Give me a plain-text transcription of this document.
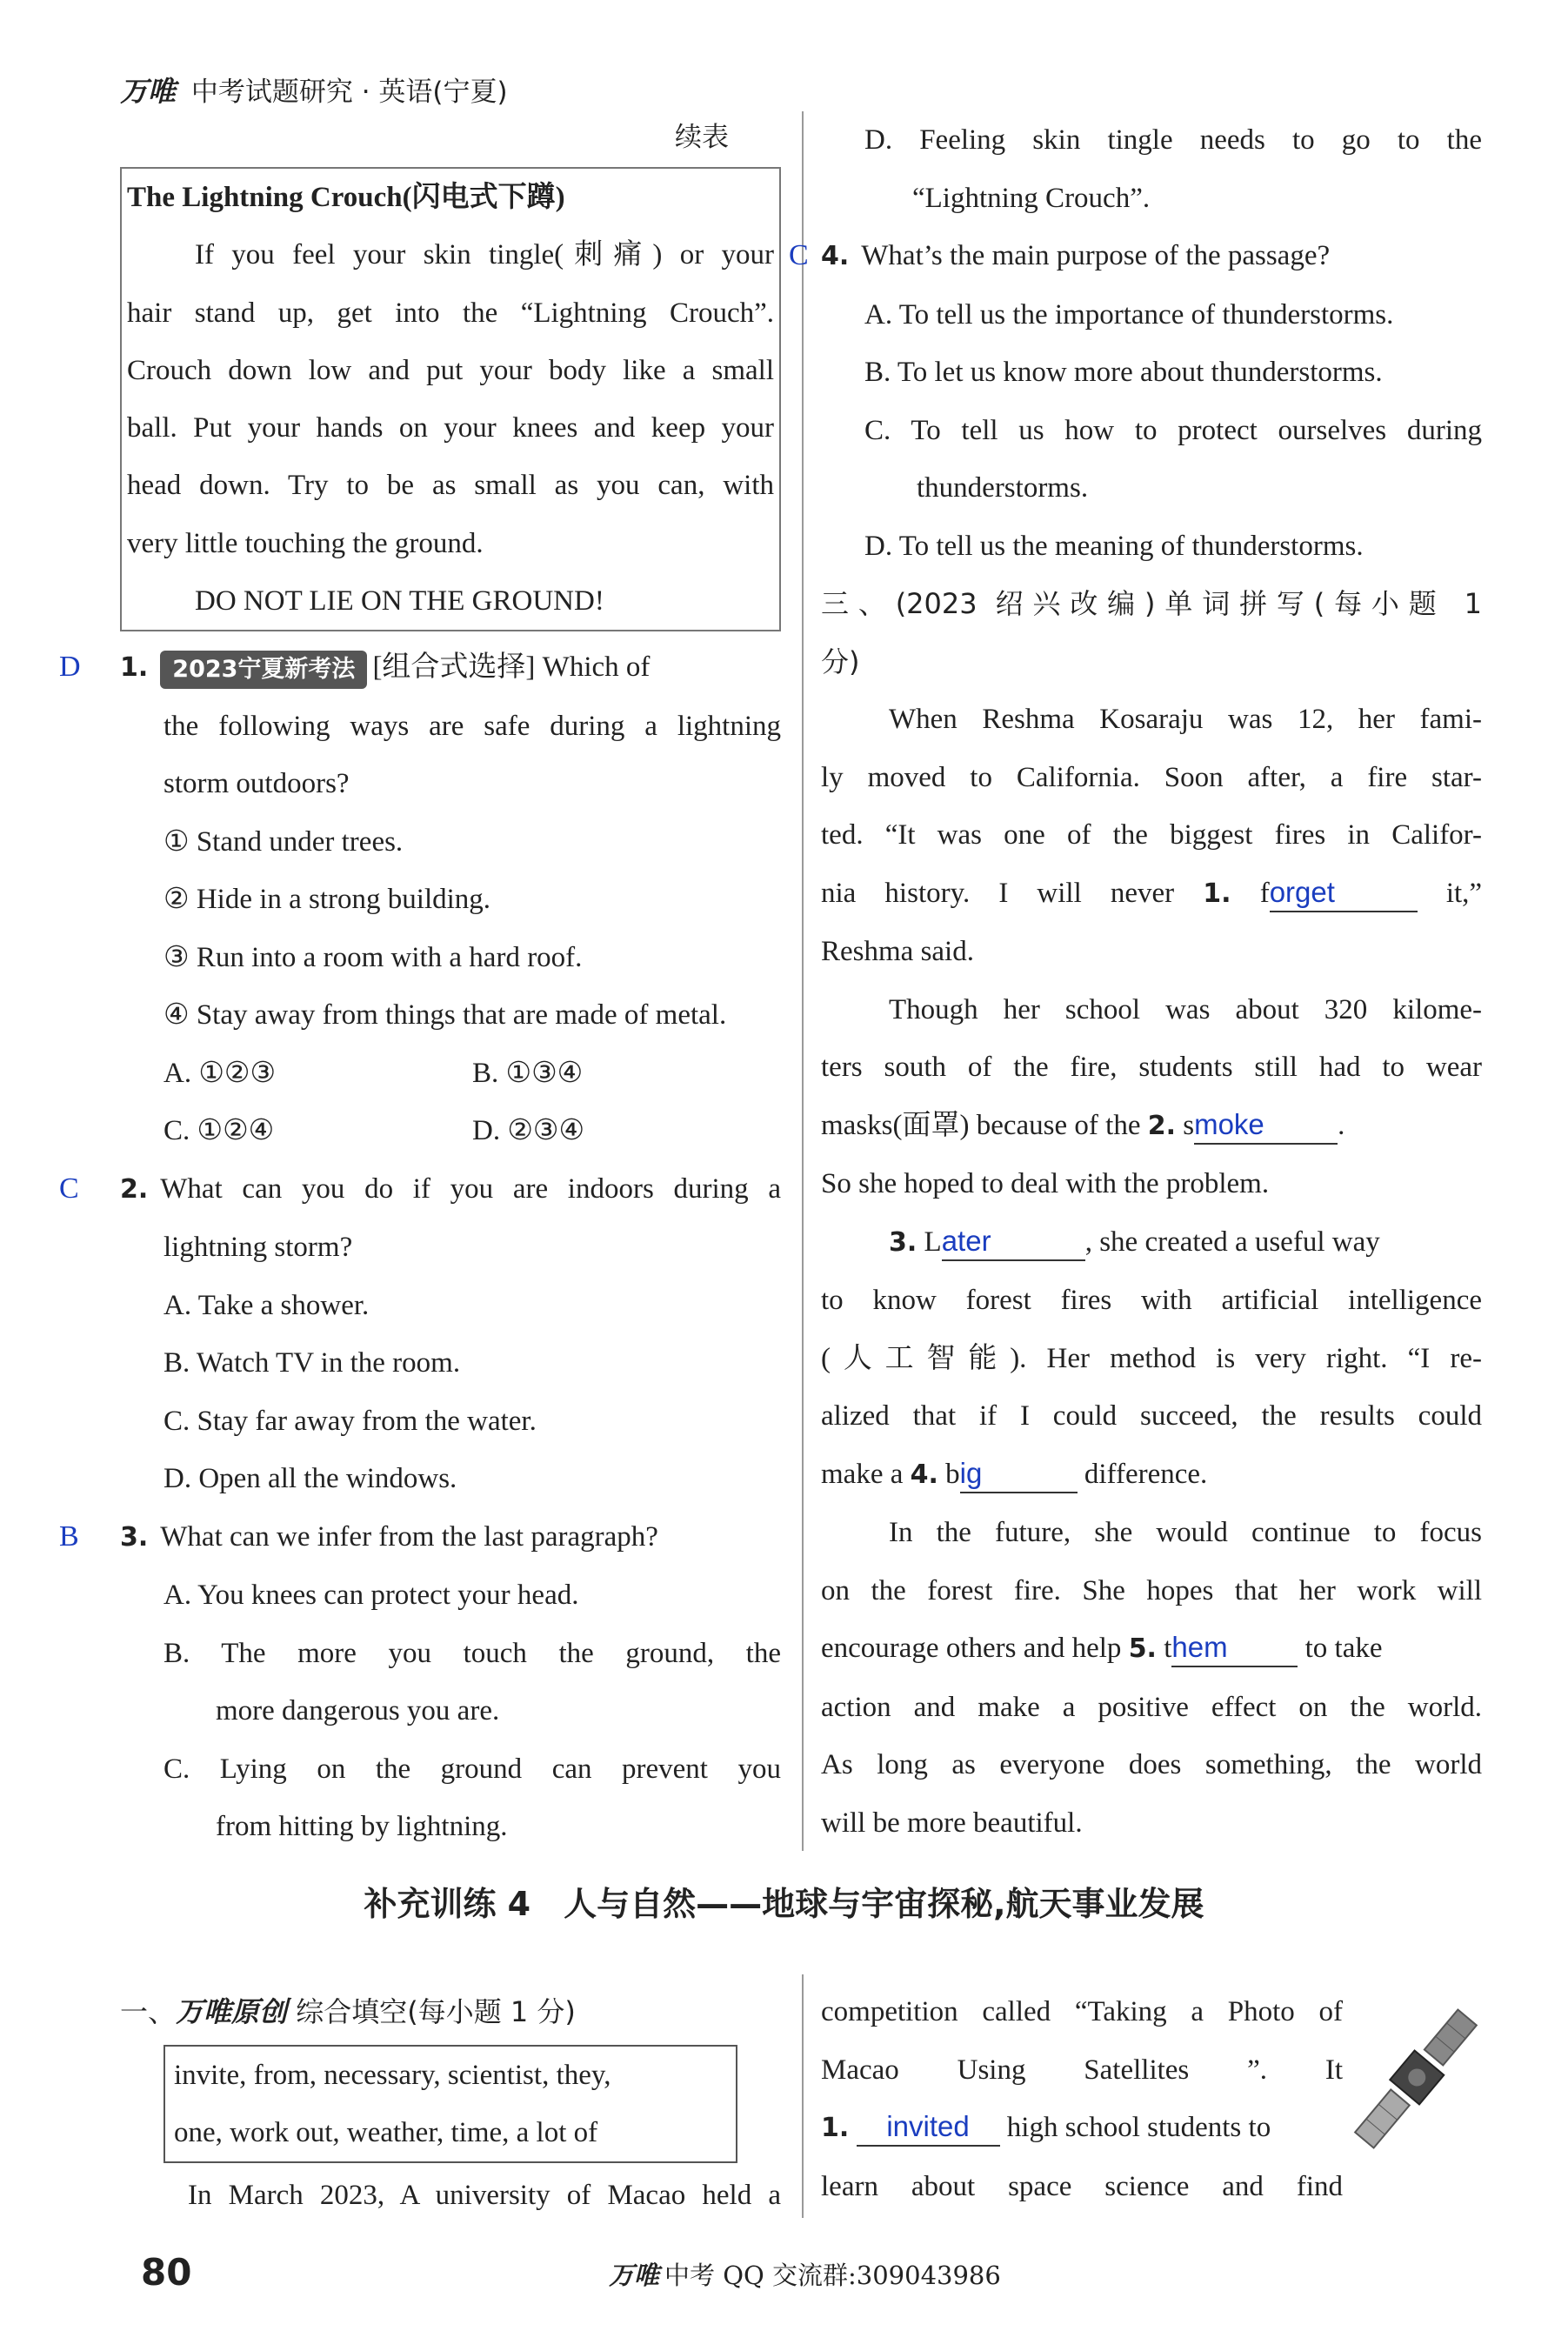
万唯 中考试题研究 · 英语(宁夏)
续表
The Lightning Crouch(闪电式下蹲)
If you feel your skin tingle(刺痛) or your
hair stand up, get into the “Lightning Crouch”.
Crouch down low and put your body like a small
ball. Put your hands on your knees and keep your
head down. Try to be as small as you can, with
very little touching the ground.
DO NOT LIE ON THE GROUND!
D 1. 2023宁夏新考法 [组合式选择] Which of
the following ways are safe during a lightning
storm outdoors?
① Stand under trees.
② Hide in a strong building.
③ Run into a room with a hard roof.
④ Stay away from things that are made of metal.
A. ①②③	B. ①③④
C. ①②④	D. ②③④
C 2. What can you do if you are indoors during a
lightning storm?
A. Take a shower.
B. Watch TV in the room.
C. Stay far away from the water.
D. Open all the windows.
B 3. What can we infer from the last paragraph?
A. You knees can protect your head.
B. The more you touch the ground, the
more dangerous you are.
C. Lying on the ground can prevent you
from hitting by lightning.
D. Feeling skin tingle needs to go to the
“Lightning Crouch”.
C 4. What’s the main purpose of the passage?
A. To tell us the importance of thunderstorms.
B. To let us know more about thunderstorms.
C. To tell us how to protect ourselves during
thunderstorms.
D. To tell us the meaning of thunderstorms.
三、(2023 绍兴改编)单词拼写(每小题 1
分)
When Reshma Kosaraju was 12, her fami-
ly moved to California. Soon after, a fire star-
ted. “It was one of the biggest fires in Califor-
nia history. I will never 1. forget	it,”
Reshma said.
Though her school was about 320 kilome-
ters south of the fire, students still had to wear
masks(面罩) because of the 2. smoke	.
So she hoped to deal with the problem.
3. Later	, she created a useful way
to know forest fires with artificial intelligence
(人工智能). Her method is very right. “I re-
alized that if I could succeed, the results could
make a 4. big	difference.
In the future, she would continue to focus
on the forest fire. She hopes that her work will
encourage others and help 5. them	to take
action and make a positive effect on the world.
As long as everyone does something, the world
will be more beautiful.
补充训练 4　人与自然——地球与宇宙探秘,航天事业发展
一、万唯原创 综合填空(每小题 1 分)
invite, from, necessary, scientist, they,
one, work out, weather, time, a lot of
In March 2023, A university of Macao held a
competition called “Taking a Photo of
Macao Using Satellites ”. It
1. invited high school students to
learn about space science and find
80	万唯 中考 QQ 交流群:309043986
